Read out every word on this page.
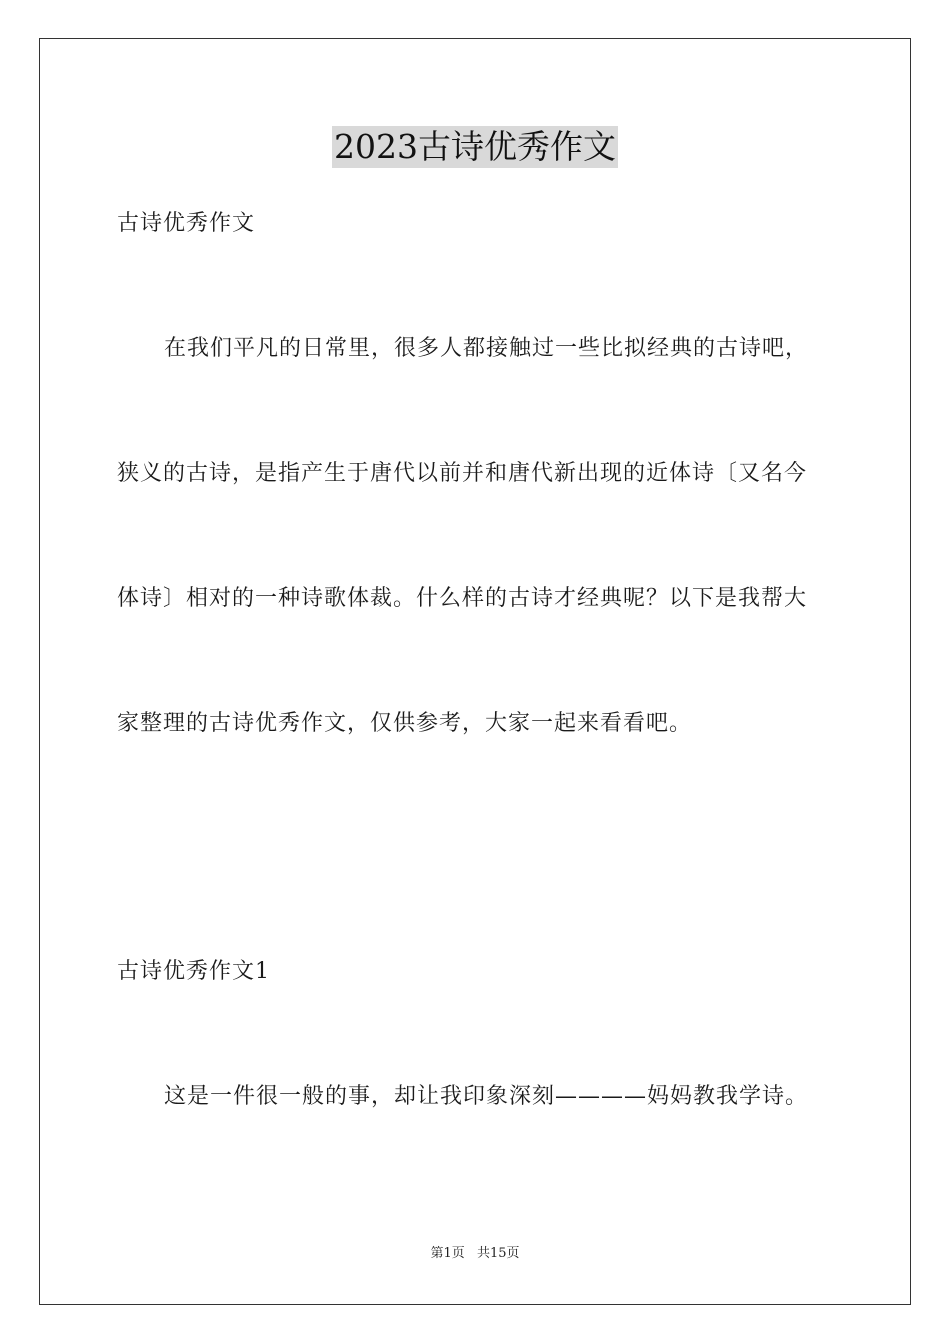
2023古诗优秀作文
古诗优秀作文
在我们平凡的日常里，很多人都接触过一些比拟经典的古诗吧，
狭义的古诗，是指产生于唐代以前并和唐代新出现的近体诗〔又名今
体诗〕相对的一种诗歌体裁。什么样的古诗才经典呢？以下是我帮大
家整理的古诗优秀作文，仅供参考，大家一起来看看吧。
古诗优秀作文1
这是一件很一般的事，却让我印象深刻————妈妈教我学诗。
第1页 共15页
